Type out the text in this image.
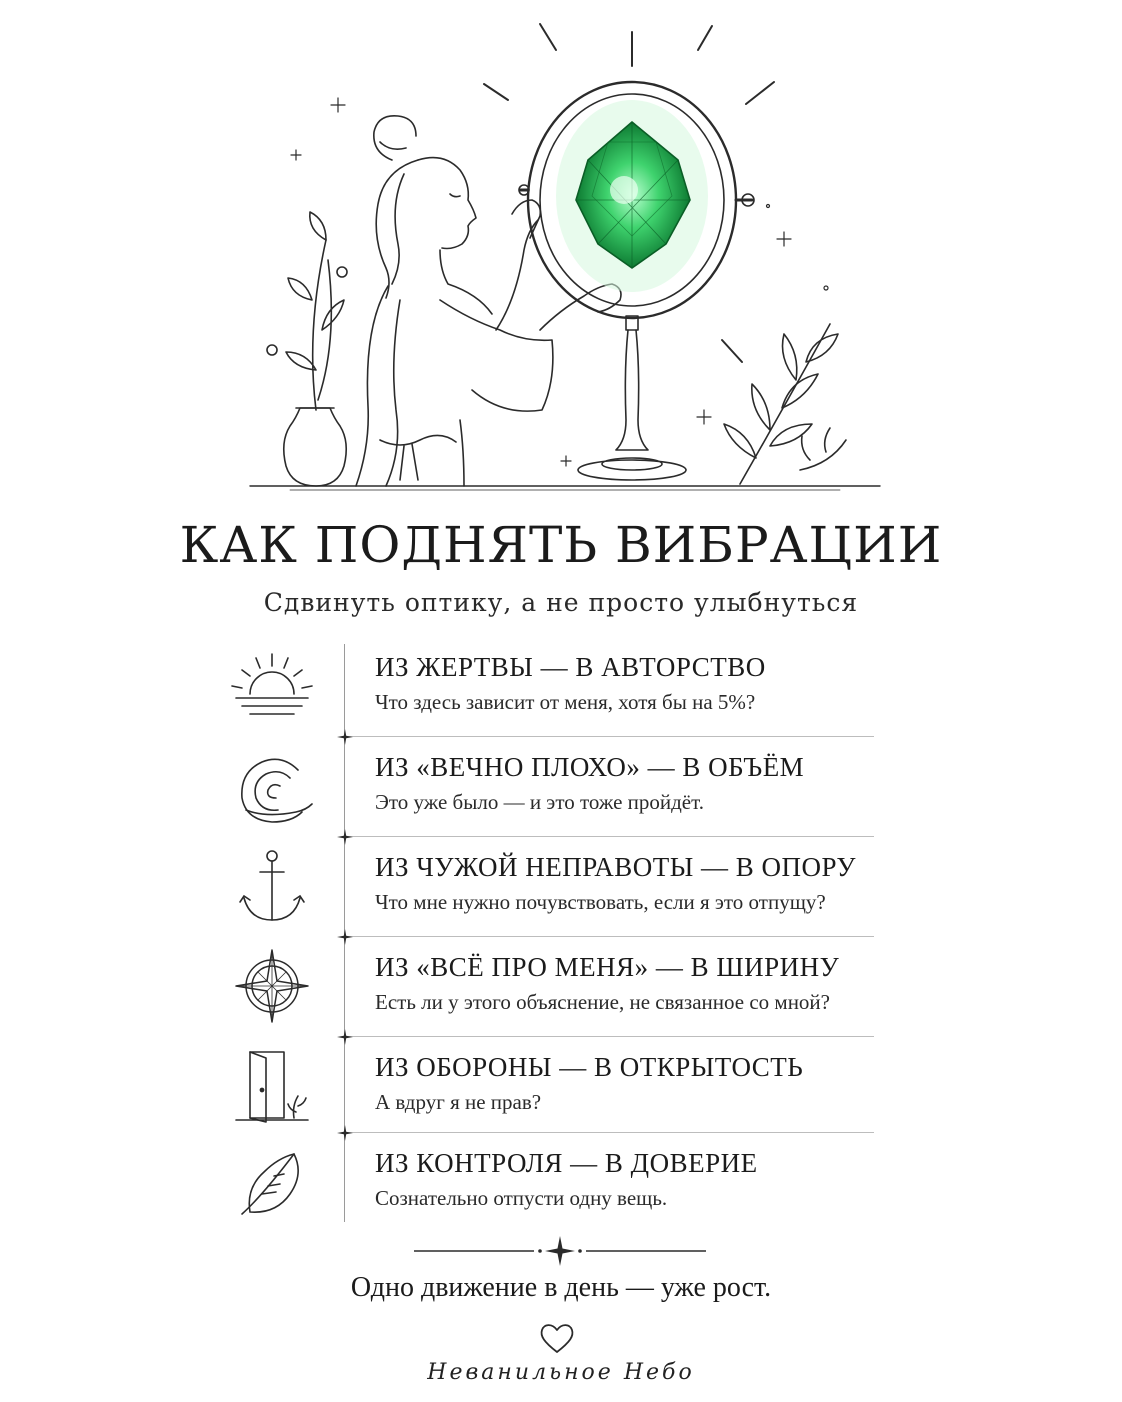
КАК ПОДНЯТЬ ВИБРАЦИИ
Сдвинуть оптику, а не просто улыбнуться
ИЗ ЖЕРТВЫ — В АВТОРСТВО
Что здесь зависит от меня, хотя бы на 5%?
ИЗ «ВЕЧНО ПЛОХО» — В ОБЪЁМ
Это уже было — и это тоже пройдёт.
ИЗ ЧУЖОЙ НЕПРАВОТЫ — В ОПОРУ
Что мне нужно почувствовать, если я это отпущу?
ИЗ «ВСЁ ПРО МЕНЯ» — В ШИРИНУ
Есть ли у этого объяснение, не связанное со мной?
ИЗ ОБОРОНЫ — В ОТКРЫТОСТЬ
А вдруг я не прав?
ИЗ КОНТРОЛЯ — В ДОВЕРИЕ
Сознательно отпусти одну вещь.
Одно движение в день — уже рост.
Неванильное Небо
